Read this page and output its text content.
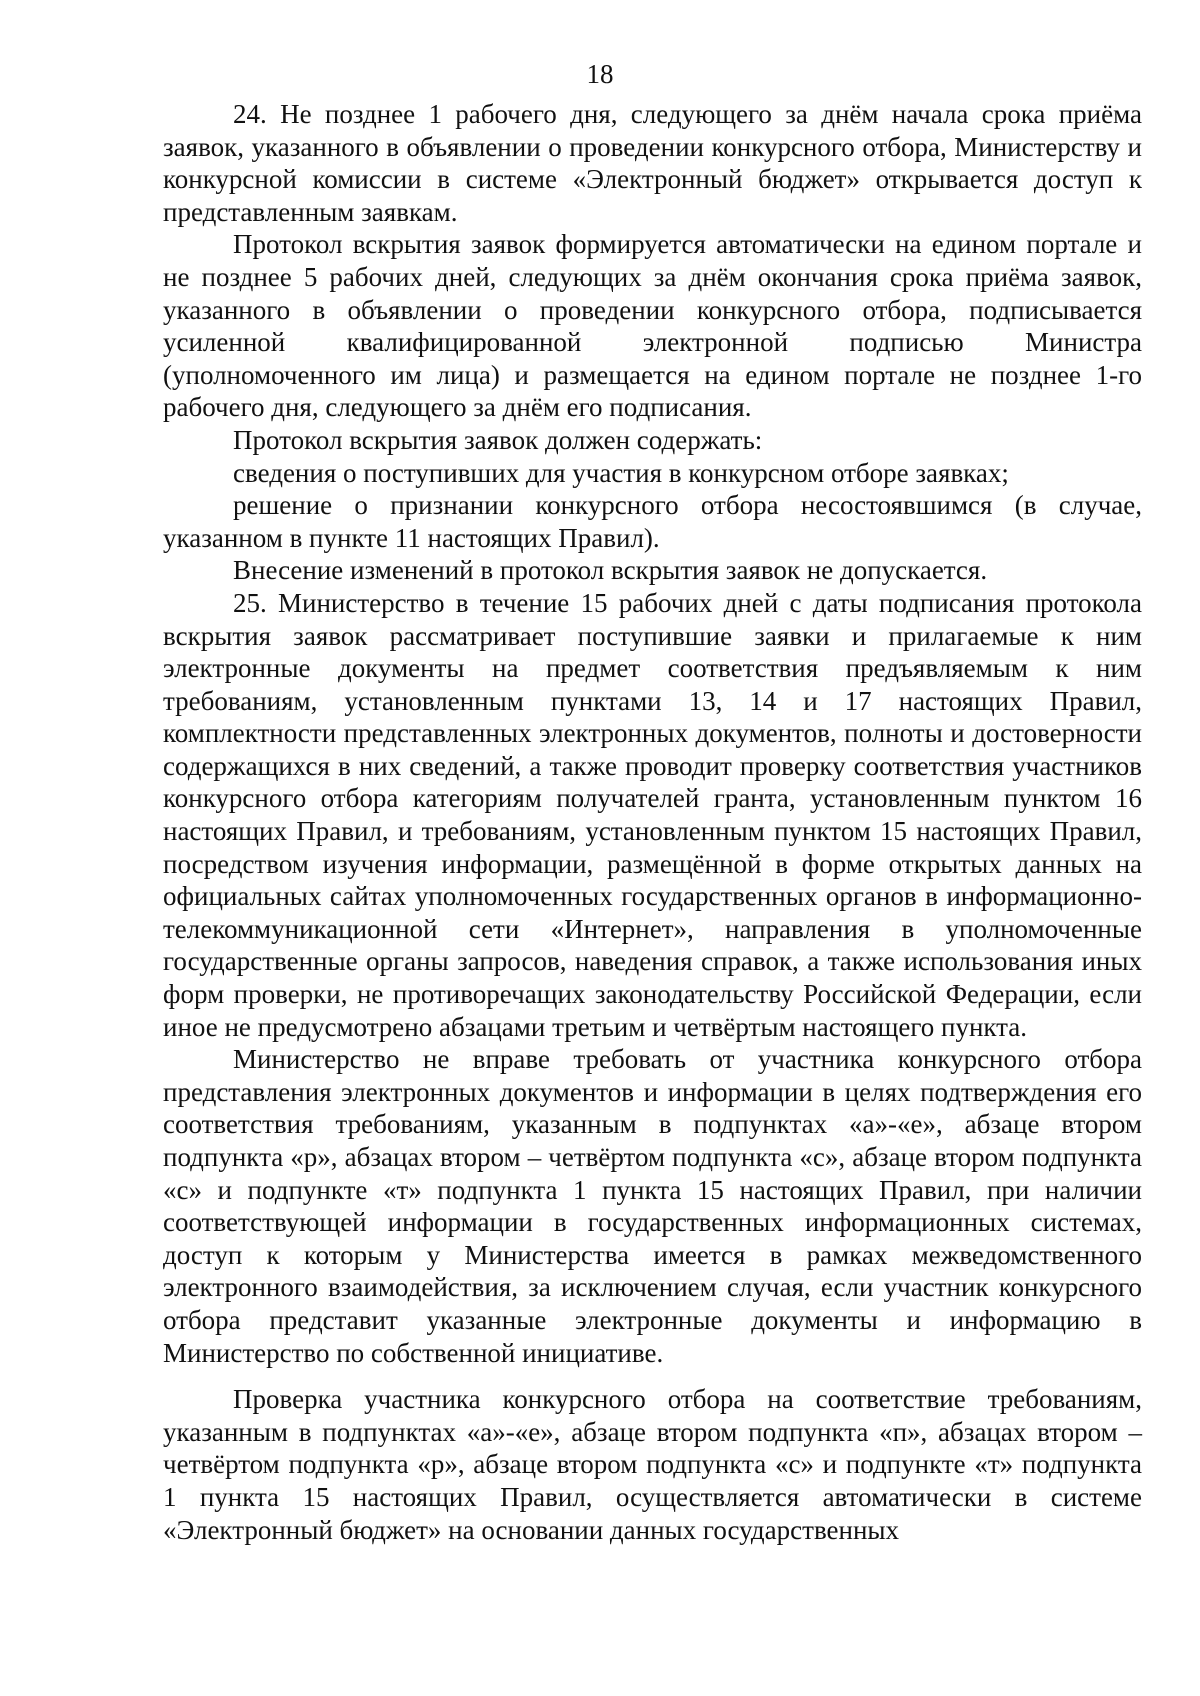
18

24. Не позднее 1 рабочего дня, следующего за днём начала срока приёма заявок, указанного в объявлении о проведении конкурсного отбора, Министерству и конкурсной комиссии в системе «Электронный бюджет» открывается доступ к представленным заявкам.

Протокол вскрытия заявок формируется автоматически на едином портале и не позднее 5 рабочих дней, следующих за днём окончания срока приёма заявок, указанного в объявлении о проведении конкурсного отбора, подписывается усиленной квалифицированной электронной подписью Министра (уполномоченного им лица) и размещается на едином портале не позднее 1-го рабочего дня, следующего за днём его подписания.

Протокол вскрытия заявок должен содержать:

сведения о поступивших для участия в конкурсном отборе заявках;

решение о признании конкурсного отбора несостоявшимся (в случае, указанном в пункте 11 настоящих Правил).

Внесение изменений в протокол вскрытия заявок не допускается.

25. Министерство в течение 15 рабочих дней с даты подписания протокола вскрытия заявок рассматривает поступившие заявки и прилагаемые к ним электронные документы на предмет соответствия предъявляемым к ним требованиям, установленным пунктами 13, 14 и 17 настоящих Правил, комплектности представленных электронных документов, полноты и достоверности содержащихся в них сведений, а также проводит проверку соответствия участников конкурсного отбора категориям получателей гранта, установленным пунктом 16 настоящих Правил, и требованиям, установленным пунктом 15 настоящих Правил, посредством изучения информации, размещённой в форме открытых данных на официальных сайтах уполномоченных государственных органов в информационно-телекоммуникационной сети «Интернет», направления в уполномоченные государственные органы запросов, наведения справок, а также использования иных форм проверки, не противоречащих законодательству Российской Федерации, если иное не предусмотрено абзацами третьим и четвёртым настоящего пункта.

Министерство не вправе требовать от участника конкурсного отбора представления электронных документов и информации в целях подтверждения его соответствия требованиям, указанным в подпунктах «а»-«е», абзаце втором подпункта «р», абзацах втором – четвёртом подпункта «с», абзаце втором подпункта «с» и подпункте «т» подпункта 1 пункта 15 настоящих Правил, при наличии соответствующей информации в государственных информационных системах, доступ к которым у Министерства имеется в рамках межведомственного электронного взаимодействия, за исключением случая, если участник конкурсного отбора представит указанные электронные документы и информацию в Министерство по собственной инициативе.

Проверка участника конкурсного отбора на соответствие требованиям, указанным в подпунктах «а»-«е», абзаце втором подпункта «п», абзацах втором – четвёртом подпункта «р», абзаце втором подпункта «с» и подпункте «т» подпункта 1 пункта 15 настоящих Правил, осуществляется автоматически в системе «Электронный бюджет» на основании данных государственных
